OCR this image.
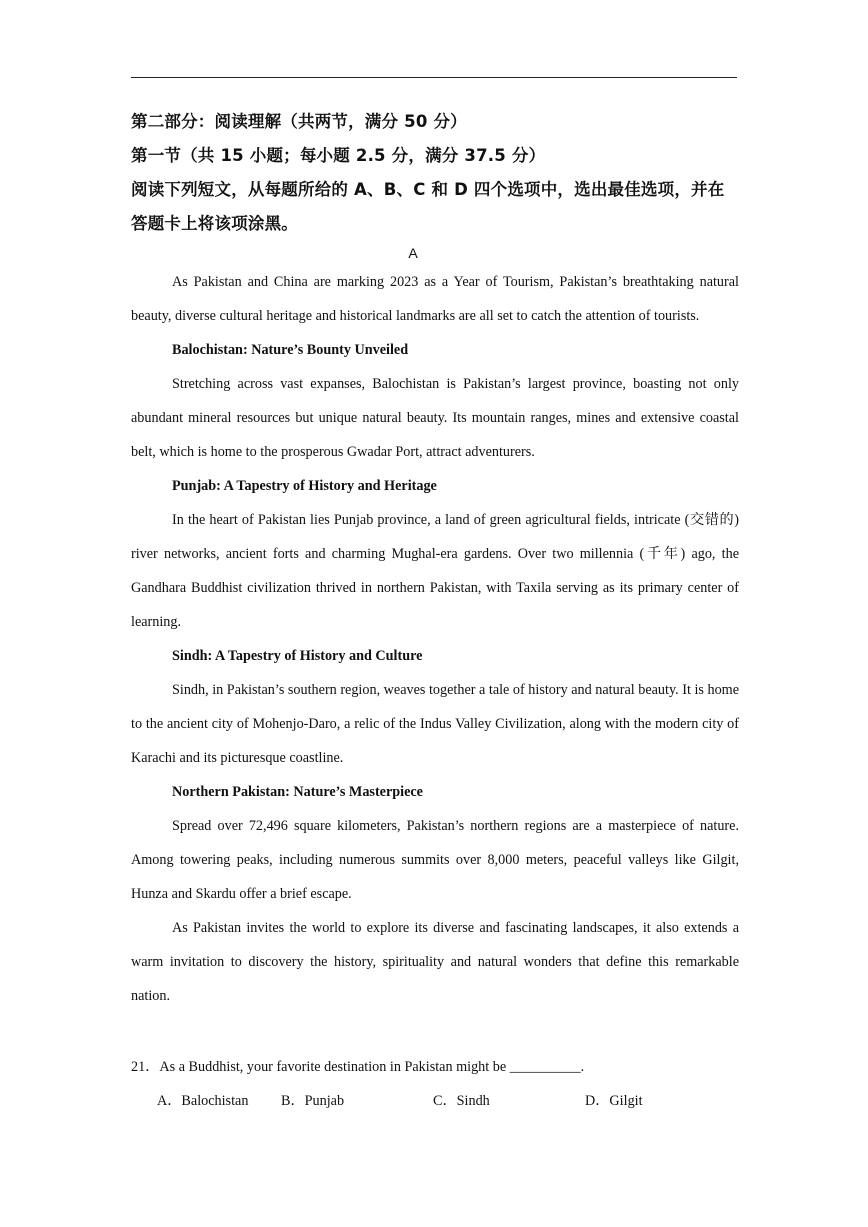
第二部分：阅读理解（共两节，满分 50 分）
第一节（共 15 小题；每小题 2.5 分，满分 37.5 分）
阅读下列短文，从每题所给的 A、B、C 和 D 四个选项中，选出最佳选项，并在
答题卡上将该项涂黑。
A

As Pakistan and China are marking 2023 as a Year of Tourism, Pakistan’s breathtaking natural beauty, diverse cultural heritage and historical landmarks are all set to catch the attention of tourists.

Balochistan: Nature’s Bounty Unveiled

Stretching across vast expanses, Balochistan is Pakistan’s largest province, boasting not only abundant mineral resources but unique natural beauty. Its mountain ranges, mines and extensive coastal belt, which is home to the prosperous Gwadar Port, attract adventurers.

Punjab: A Tapestry of History and Heritage

In the heart of Pakistan lies Punjab province, a land of green agricultural fields, intricate (交错的) river networks, ancient forts and charming Mughal-era gardens. Over two millennia (千年) ago, the Gandhara Buddhist civilization thrived in northern Pakistan, with Taxila serving as its primary center of learning.

Sindh: A Tapestry of History and Culture

Sindh, in Pakistan’s southern region, weaves together a tale of history and natural beauty. It is home to the ancient city of Mohenjo-Daro, a relic of the Indus Valley Civilization, along with the modern city of Karachi and its picturesque coastline.

Northern Pakistan: Nature’s Masterpiece

Spread over 72,496 square kilometers, Pakistan’s northern regions are a masterpiece of nature. Among towering peaks, including numerous summits over 8,000 meters, peaceful valleys like Gilgit, Hunza and Skardu offer a brief escape.

As Pakistan invites the world to explore its diverse and fascinating landscapes, it also extends a warm invitation to discovery the history, spirituality and natural wonders that define this remarkable nation.

21．As a Buddhist, your favorite destination in Pakistan might be __________.
A．Balochistan B．Punjab	C．Sindh	D．Gilgit
